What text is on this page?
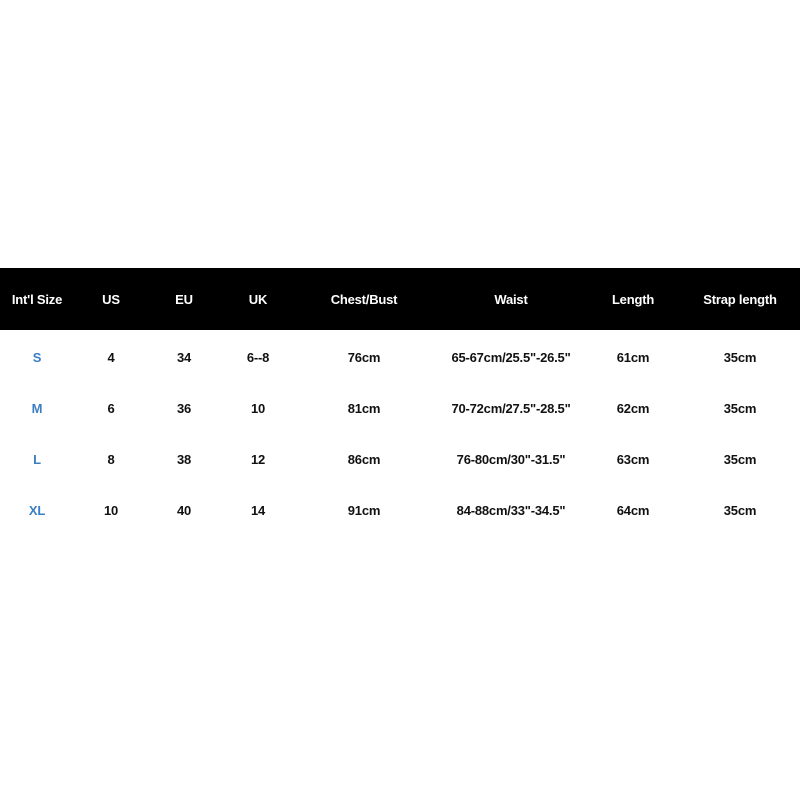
Int'l Size	US	EU	UK	Chest/Bust	Waist	Length	Strap length
S	4	34	6--8	76cm	65-67cm/25.5"-26.5"	61cm	35cm
M	6	36	10	81cm	70-72cm/27.5"-28.5"	62cm	35cm
L	8	38	12	86cm	76-80cm/30"-31.5"	63cm	35cm
XL	10	40	14	91cm	84-88cm/33"-34.5"	64cm	35cm
